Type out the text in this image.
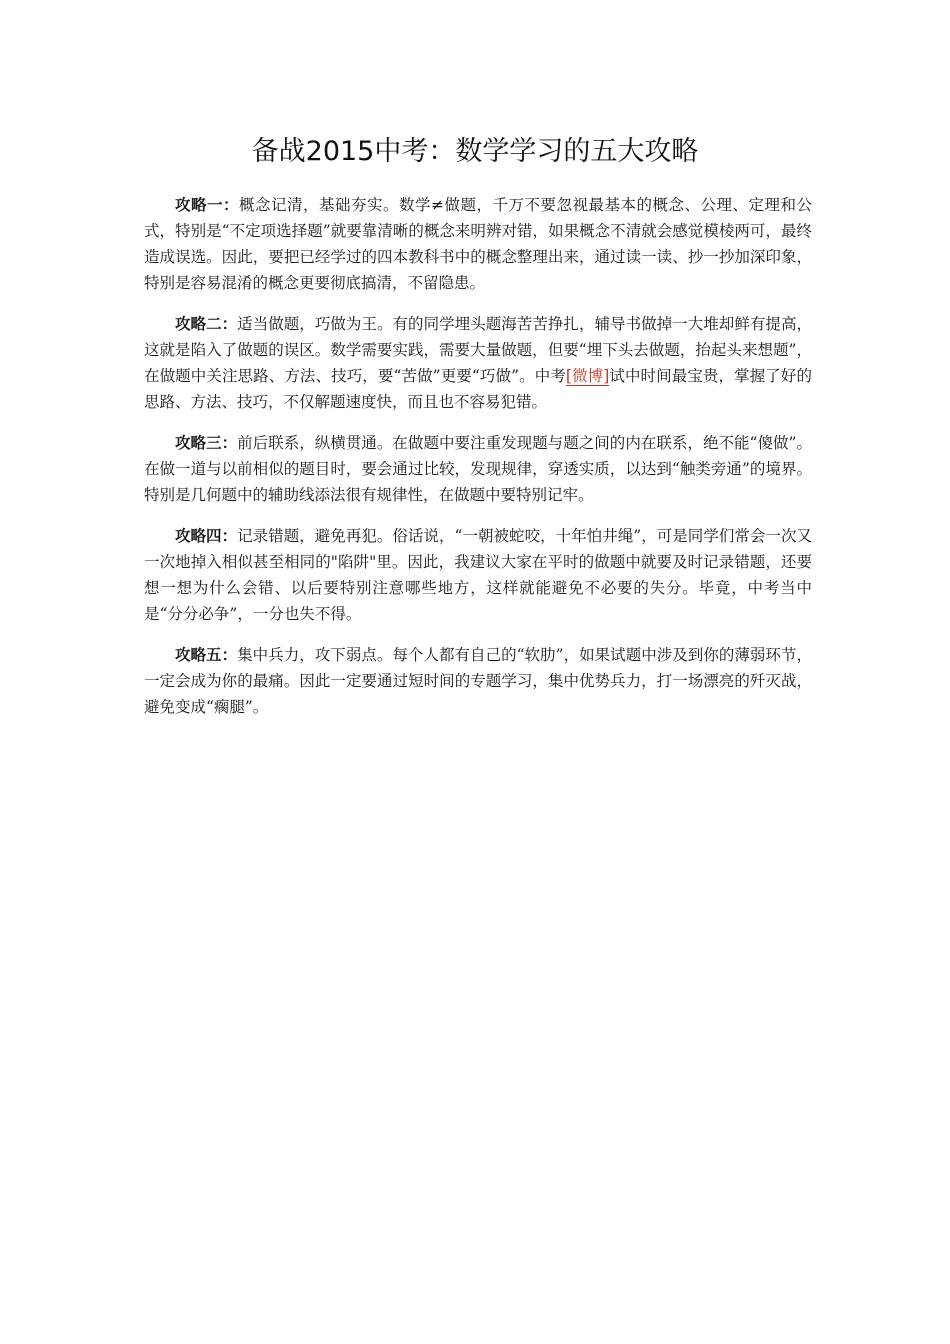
备战2015中考：数学学习的五大攻略

攻略一：概念记清，基础夯实。数学≠做题，千万不要忽视最基本的概念、公理、定理和公式，特别是“不定项选择题”就要靠清晰的概念来明辨对错，如果概念不清就会感觉模棱两可，最终造成误选。因此，要把已经学过的四本教科书中的概念整理出来，通过读一读、抄一抄加深印象，特别是容易混淆的概念更要彻底搞清，不留隐患。

攻略二：适当做题，巧做为王。有的同学埋头题海苦苦挣扎，辅导书做掉一大堆却鲜有提高，这就是陷入了做题的误区。数学需要实践，需要大量做题，但要“埋下头去做题，抬起头来想题”，在做题中关注思路、方法、技巧，要“苦做”更要“巧做”。中考[微博]试中时间最宝贵，掌握了好的思路、方法、技巧，不仅解题速度快，而且也不容易犯错。

攻略三：前后联系，纵横贯通。在做题中要注重发现题与题之间的内在联系，绝不能“傻做”。在做一道与以前相似的题目时，要会通过比较，发现规律，穿透实质，以达到“触类旁通”的境界。特别是几何题中的辅助线添法很有规律性，在做题中要特别记牢。

攻略四：记录错题，避免再犯。俗话说，“一朝被蛇咬，十年怕井绳”，可是同学们常会一次又一次地掉入相似甚至相同的"陷阱"里。因此，我建议大家在平时的做题中就要及时记录错题，还要想一想为什么会错、以后要特别注意哪些地方，这样就能避免不必要的失分。毕竟，中考当中是“分分必争”，一分也失不得。

攻略五：集中兵力，攻下弱点。每个人都有自己的“软肋”，如果试题中涉及到你的薄弱环节，一定会成为你的最痛。因此一定要通过短时间的专题学习，集中优势兵力，打一场漂亮的歼灭战，避免变成“瘸腿”。
